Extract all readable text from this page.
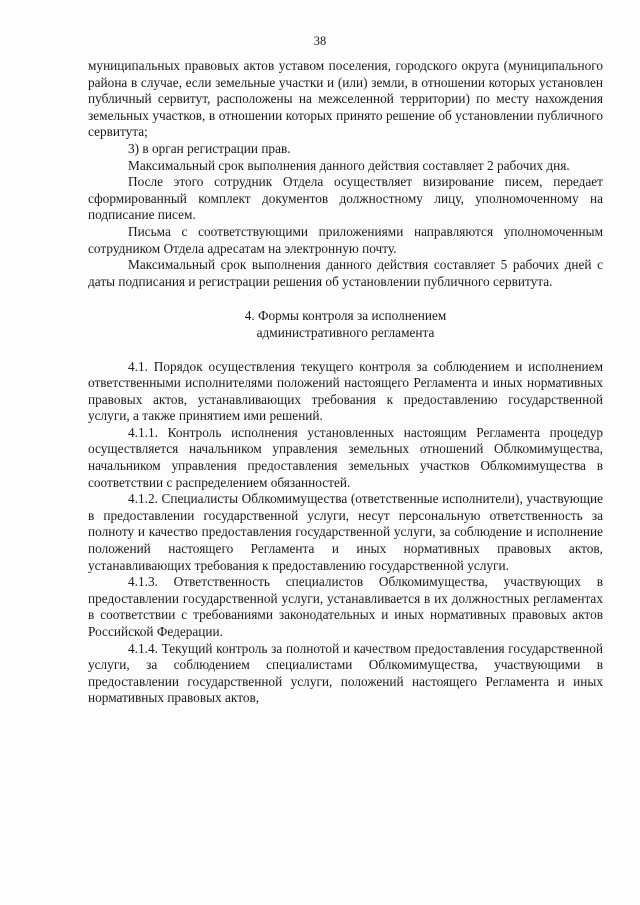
38

муниципальных правовых актов уставом поселения, городского округа (муниципального района в случае, если земельные участки и (или) земли, в отношении которых установлен публичный сервитут, расположены на межселенной территории) по месту нахождения земельных участков, в отношении которых принято решение об установлении публичного сервитута;

3) в орган регистрации прав.

Максимальный срок выполнения данного действия составляет 2 рабочих дня.

После этого сотрудник Отдела осуществляет визирование писем, передает сформированный комплект документов должностному лицу, уполномоченному на подписание писем.

Письма с соответствующими приложениями направляются уполномоченным сотрудником Отдела адресатам на электронную почту.

Максимальный срок выполнения данного действия составляет 5 рабочих дней с даты подписания и регистрации решения об установлении публичного сервитута.

4. Формы контроля за исполнением
административного регламента

4.1. Порядок осуществления текущего контроля за соблюдением и исполнением ответственными исполнителями положений настоящего Регламента и иных нормативных правовых актов, устанавливающих требования к предоставлению государственной услуги, а также принятием ими решений.

4.1.1. Контроль исполнения установленных настоящим Регламента процедур осуществляется начальником управления земельных отношений Облкомимущества, начальником управления предоставления земельных участков Облкомимущества в соответствии с распределением обязанностей.

4.1.2. Специалисты Облкомимущества (ответственные исполнители), участвующие в предоставлении государственной услуги, несут персональную ответственность за полноту и качество предоставления государственной услуги, за соблюдение и исполнение положений настоящего Регламента и иных нормативных правовых актов, устанавливающих требования к предоставлению государственной услуги.

4.1.3. Ответственность специалистов Облкомимущества, участвующих в предоставлении государственной услуги, устанавливается в их должностных регламентах в соответствии с требованиями законодательных и иных нормативных правовых актов Российской Федерации.

4.1.4. Текущий контроль за полнотой и качеством предоставления государственной услуги, за соблюдением специалистами Облкомимущества, участвующими в предоставлении государственной услуги, положений настоящего Регламента и иных нормативных правовых актов,
